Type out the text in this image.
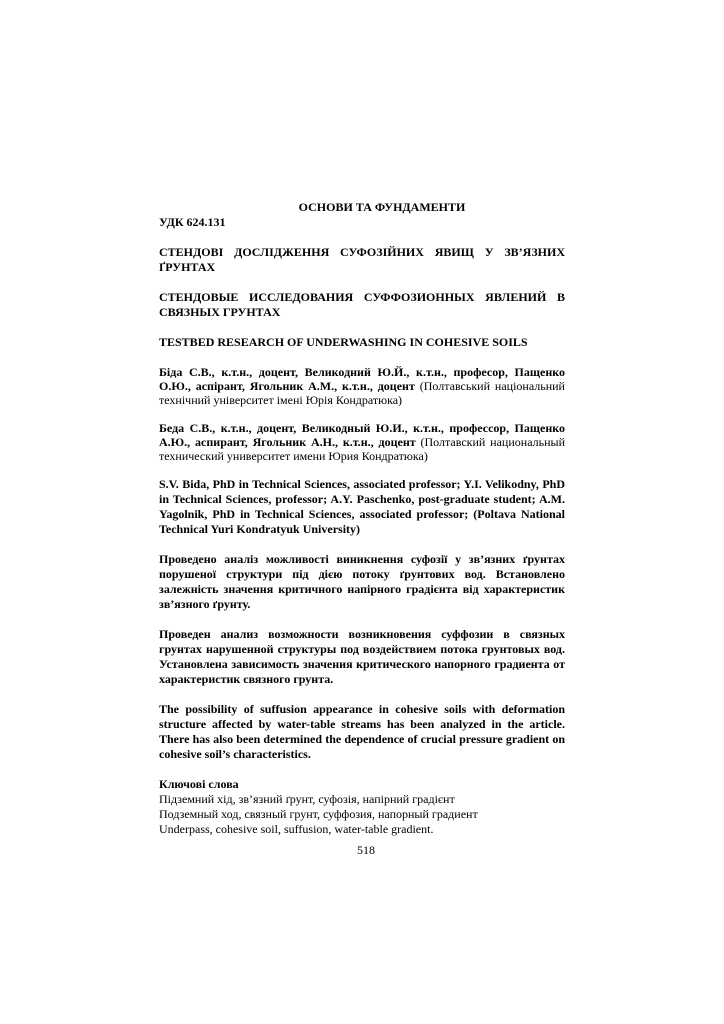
ОСНОВИ ТА ФУНДАМЕНТИ

УДК 624.131

СТЕНДОВІ ДОСЛІДЖЕННЯ СУФОЗІЙНИХ ЯВИЩ У ЗВ’ЯЗНИХ ҐРУНТАХ

СТЕНДОВЫЕ ИССЛЕДОВАНИЯ СУФФОЗИОННЫХ ЯВЛЕНИЙ В СВЯЗНЫХ ГРУНТАХ

TESTBED RESEARCH OF UNDERWASHING IN COHESIVE SOILS

Біда С.В., к.т.н., доцент, Великодний Ю.Й., к.т.н., професор, Пащенко О.Ю., аспірант, Ягольник А.М., к.т.н., доцент (Полтавський національний технічний університет імені Юрія Кондратюка)

Беда С.В., к.т.н., доцент, Великодный Ю.И., к.т.н., профессор, Пащенко А.Ю., аспирант, Ягольник А.Н., к.т.н., доцент (Полтавский национальный технический университет имени Юрия Кондратюка)

S.V. Bida, PhD in Technical Sciences, associated professor; Y.I. Velikodny, PhD in Technical Sciences, professor; A.Y. Paschenko, post-graduate student; A.M. Yagolnik, PhD in Technical Sciences, associated professor; (Poltava National Technical Yuri Kondratyuk University)

Проведено аналіз можливості виникнення суфозії у зв’язних ґрунтах порушеної структури під дією потоку ґрунтових вод. Встановлено залежність значення критичного напірного градієнта від характеристик зв’язного ґрунту.

Проведен анализ возможности возникновения суффозии в связных грунтах нарушенной структуры под воздействием потока грунтовых вод. Установлена зависимость значения критического напорного градиента от характеристик связного грунта.

The possibility of suffusion appearance in cohesive soils with deformation structure affected by water-table streams has been analyzed in the article. There has also been determined the dependence of crucial pressure gradient on cohesive soil’s characteristics.

Ключові слова

Підземний хід, зв’язний ґрунт, суфозія, напірний градієнт

Подземный ход, связный грунт, суффозия, напорный градиент

Underpass, cohesive soil, suffusion, water-table gradient.

518
